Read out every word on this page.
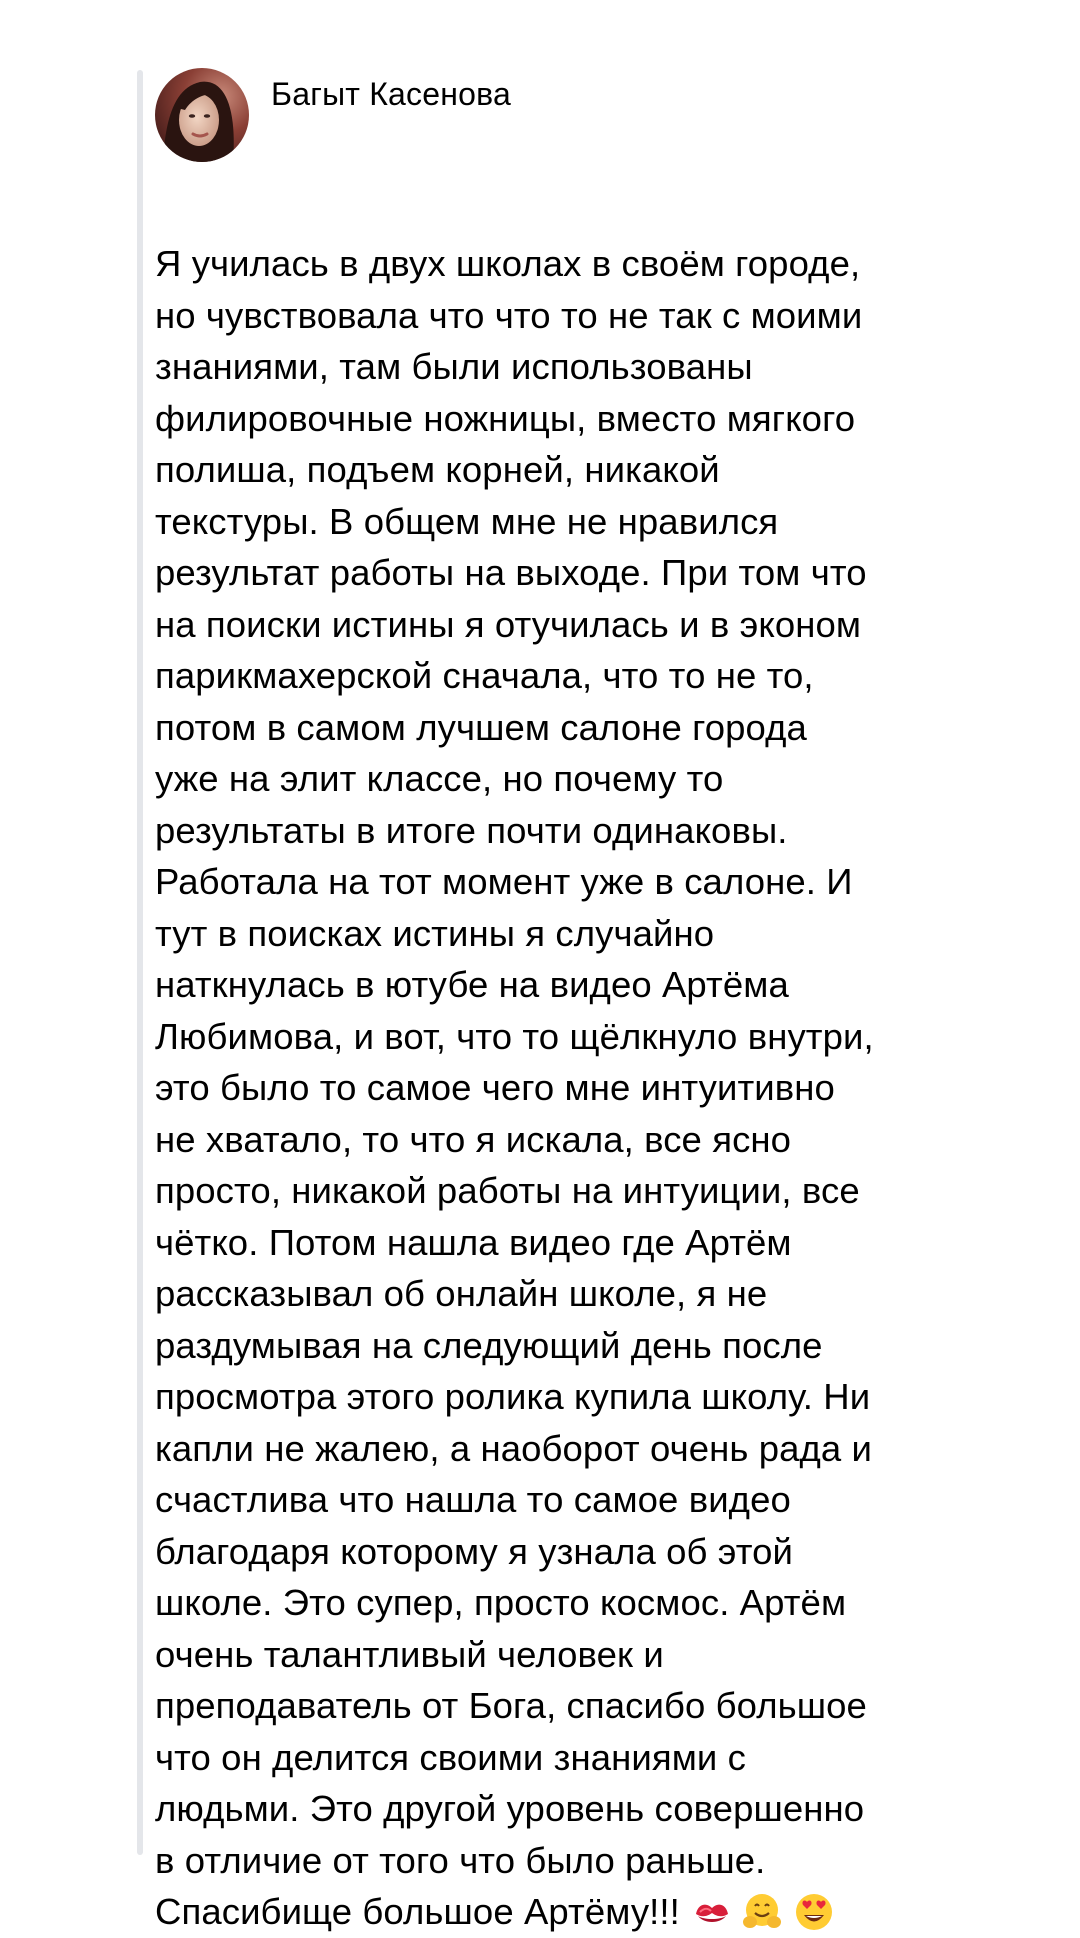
Багыт Касенова
Я училась в двух школах в своём городе,
но чувствовала что что то не так с моими
знаниями, там были использованы
филировочные ножницы, вместо мягкого
полиша, подъем корней, никакой
текстуры. В общем мне не нравился
результат работы на выходе. При том что
на поиски истины я отучилась и в эконом
парикмахерской сначала, что то не то,
потом в самом лучшем салоне города
уже на элит классе, но почему то
результаты в итоге почти одинаковы.
Работала на тот момент уже в салоне. И
тут в поисках истины я случайно
наткнулась в ютубе на видео Артёма
Любимова, и вот, что то щёлкнуло внутри,
это было то самое чего мне интуитивно
не хватало, то что я искала, все ясно
просто, никакой работы на интуиции, все
чётко. Потом нашла видео где Артём
рассказывал об онлайн школе, я не
раздумывая на следующий день после
просмотра этого ролика купила школу. Ни
капли не жалею, а наоборот очень рада и
счастлива что нашла то самое видео
благодаря которому я узнала об этой
школе. Это супер, просто космос. Артём
очень талантливый человек и
преподаватель от Бога, спасибо большое
что он делится своими знаниями с
людьми. Это другой уровень совершенно
в отличие от того что было раньше.
Спасибище большое Артёму!!!
